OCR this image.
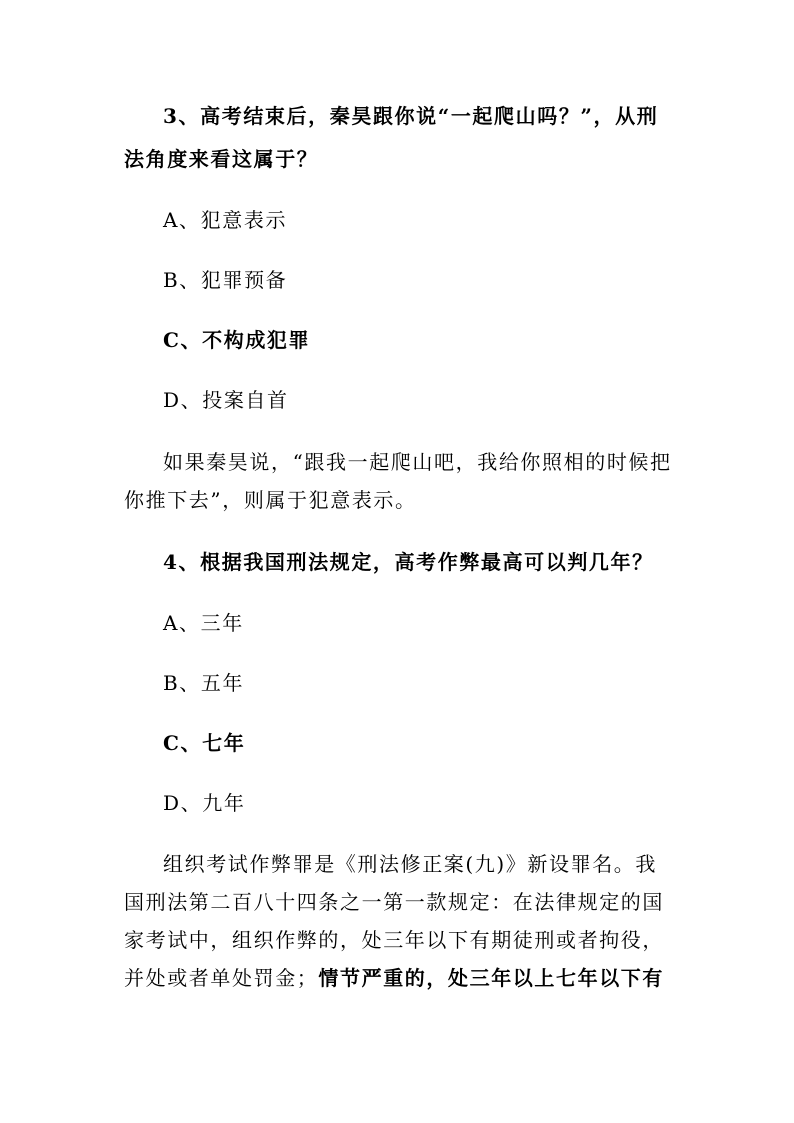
3、高考结束后，秦昊跟你说“一起爬山吗？”，从刑

法角度来看这属于？

A、犯意表示

B、犯罪预备

C、不构成犯罪

D、投案自首

如果秦昊说，“跟我一起爬山吧，我给你照相的时候把

你推下去”，则属于犯意表示。

4、根据我国刑法规定，高考作弊最高可以判几年？

A、三年

B、五年

C、七年

D、九年

组织考试作弊罪是《刑法修正案(九)》新设罪名。我

国刑法第二百八十四条之一第一款规定：在法律规定的国

家考试中，组织作弊的，处三年以下有期徒刑或者拘役，

并处或者单处罚金；情节严重的，处三年以上七年以下有
